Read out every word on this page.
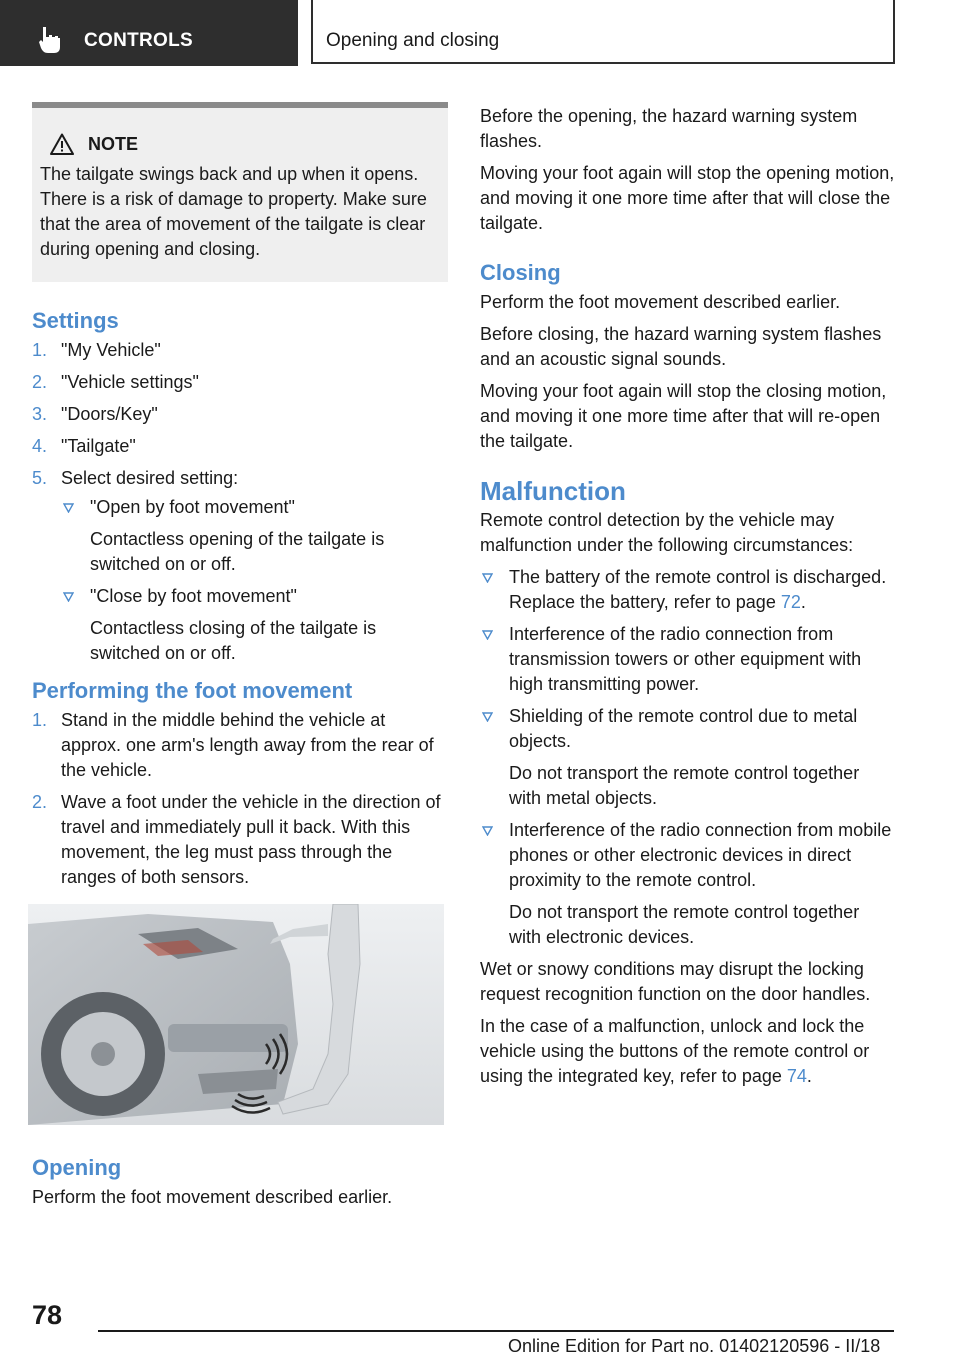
CONTROLS	Opening and closing
NOTE

The tailgate swings back and up when it opens. There is a risk of damage to property. Make sure that the area of movement of the tailgate is clear during opening and closing.

Settings
1. "My Vehicle"
2. "Vehicle settings"
3. "Doors/Key"
4. "Tailgate"
5. Select desired setting:
"Open by foot movement"

Contactless opening of the tailgate is switched on or off.

"Close by foot movement"

Contactless closing of the tailgate is switched on or off.

Performing the foot movement
1. Stand in the middle behind the vehicle at approx. one arm's length away from the rear of the vehicle.
2. Wave a foot under the vehicle in the direction of travel and immediately pull it back. With this movement, the leg must pass through the ranges of both sensors.
Opening

Perform the foot movement described earlier.

Before the opening, the hazard warning system flashes.

Moving your foot again will stop the opening motion, and moving it one more time after that will close the tailgate.

Closing

Perform the foot movement described earlier.

Before closing, the hazard warning system flashes and an acoustic signal sounds.

Moving your foot again will stop the closing motion, and moving it one more time after that will re-open the tailgate.

Malfunction

Remote control detection by the vehicle may malfunction under the following circumstances:

The battery of the remote control is discharged. Replace the battery, refer to page 72.
Interference of the radio connection from transmission towers or other equipment with high transmitting power.
Shielding of the remote control due to metal objects.

Do not transport the remote control together with metal objects.

Interference of the radio connection from mobile phones or other electronic devices in direct proximity to the remote control.

Do not transport the remote control together with electronic devices.

Wet or snowy conditions may disrupt the locking request recognition function on the door handles.

In the case of a malfunction, unlock and lock the vehicle using the buttons of the remote control or using the integrated key, refer to page 74.

78
Online Edition for Part no. 01402120596 - II/18
